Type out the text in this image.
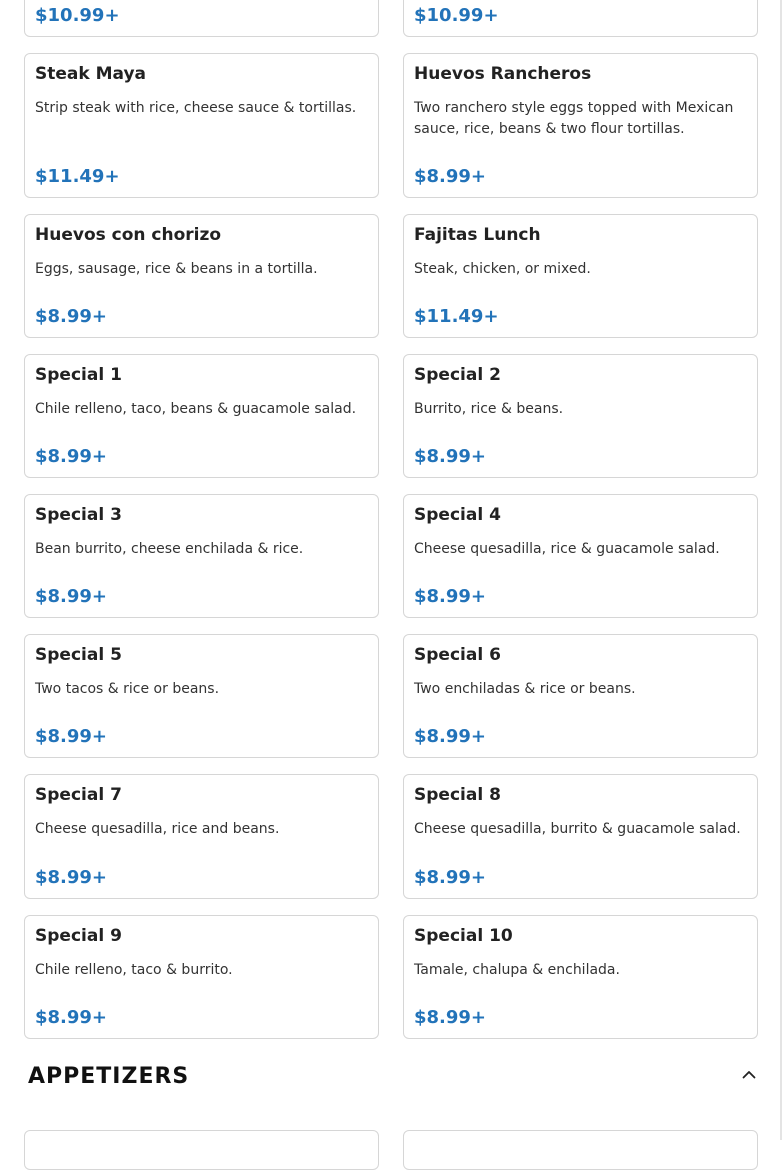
$10.99+	$10.99+
Steak Maya
Strip steak with rice, cheese sauce & tortillas.
$11.49+
Huevos Rancheros
Two ranchero style eggs topped with Mexican sauce, rice, beans & two flour tortillas.
$8.99+
Huevos con chorizo
Eggs, sausage, rice & beans in a tortilla.
$8.99+
Fajitas Lunch
Steak, chicken, or mixed.
$11.49+
Special 1
Chile relleno, taco, beans & guacamole salad.
$8.99+
Special 2
Burrito, rice & beans.
$8.99+
Special 3
Bean burrito, cheese enchilada & rice.
$8.99+
Special 4
Cheese quesadilla, rice & guacamole salad.
$8.99+
Special 5
Two tacos & rice or beans.
$8.99+
Special 6
Two enchiladas & rice or beans.
$8.99+
Special 7
Cheese quesadilla, rice and beans.
$8.99+
Special 8
Cheese quesadilla, burrito & guacamole salad.
$8.99+
Special 9
Chile relleno, taco & burrito.
$8.99+
Special 10
Tamale, chalupa & enchilada.
$8.99+
APPETIZERS
